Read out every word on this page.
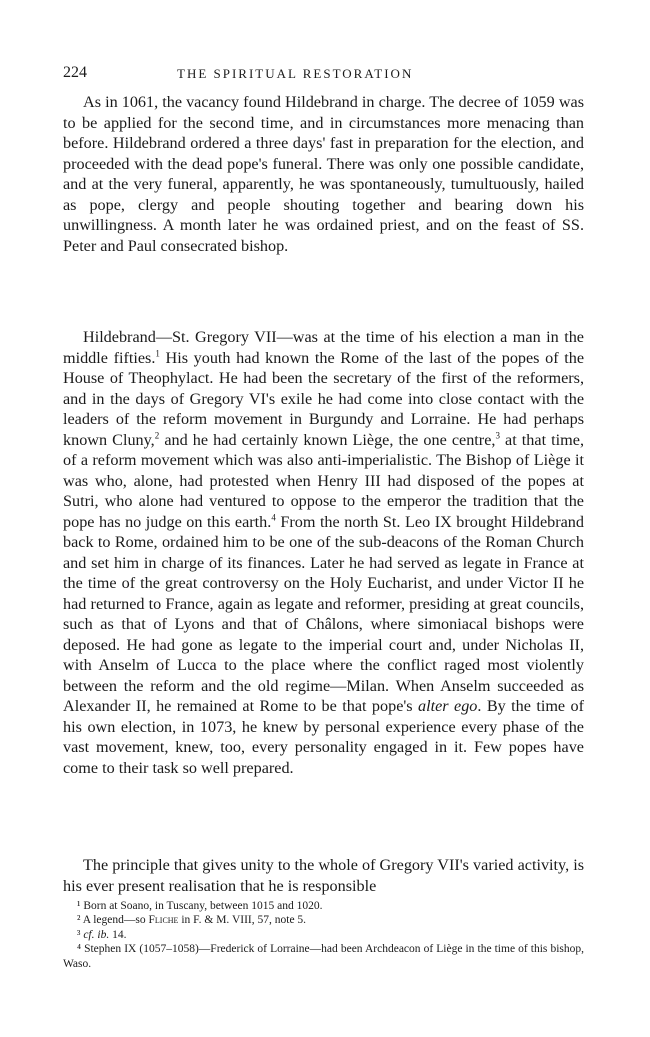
224	THE SPIRITUAL RESTORATION

As in 1061, the vacancy found Hildebrand in charge. The decree of 1059 was to be applied for the second time, and in circumstances more menacing than before. Hildebrand ordered a three days' fast in preparation for the election, and proceeded with the dead pope's funeral. There was only one possible candidate, and at the very funeral, apparently, he was spontaneously, tumultuously, hailed as pope, clergy and people shouting together and bearing down his unwillingness. A month later he was ordained priest, and on the feast of SS. Peter and Paul consecrated bishop.

Hildebrand—St. Gregory VII—was at the time of his election a man in the middle fifties.$^1$ His youth had known the Rome of the last of the popes of the House of Theophylact. He had been the secretary of the first of the reformers, and in the days of Gregory VI's exile he had come into close contact with the leaders of the reform movement in Burgundy and Lorraine. He had perhaps known Cluny,$^2$ and he had certainly known Liège, the one centre,$^3$ at that time, of a reform movement which was also anti-imperialistic. The Bishop of Liège it was who, alone, had protested when Henry III had disposed of the popes at Sutri, who alone had ventured to oppose to the emperor the tradition that the pope has no judge on this earth.$^4$ From the north St. Leo IX brought Hildebrand back to Rome, ordained him to be one of the sub-deacons of the Roman Church and set him in charge of its finances. Later he had served as legate in France at the time of the great controversy on the Holy Eucharist, and under Victor II he had returned to France, again as legate and reformer, presiding at great councils, such as that of Lyons and that of Châlons, where simoniacal bishops were deposed. He had gone as legate to the imperial court and, under Nicholas II, with Anselm of Lucca to the place where the conflict raged most violently between the reform and the old regime—Milan. When Anselm succeeded as Alexander II, he remained at Rome to be that pope's alter ego. By the time of his own election, in 1073, he knew by personal experience every phase of the vast movement, knew, too, every personality engaged in it. Few popes have come to their task so well prepared.

The principle that gives unity to the whole of Gregory VII's varied activity, is his ever present realisation that he is responsible

¹ Born at Soano, in Tuscany, between 1015 and 1020.

² A legend—so Fliche in F. & M. VIII, 57, note 5.

³ cf. ib. 14.

⁴ Stephen IX (1057–1058)—Frederick of Lorraine—had been Archdeacon of Liège in the time of this bishop, Waso.
